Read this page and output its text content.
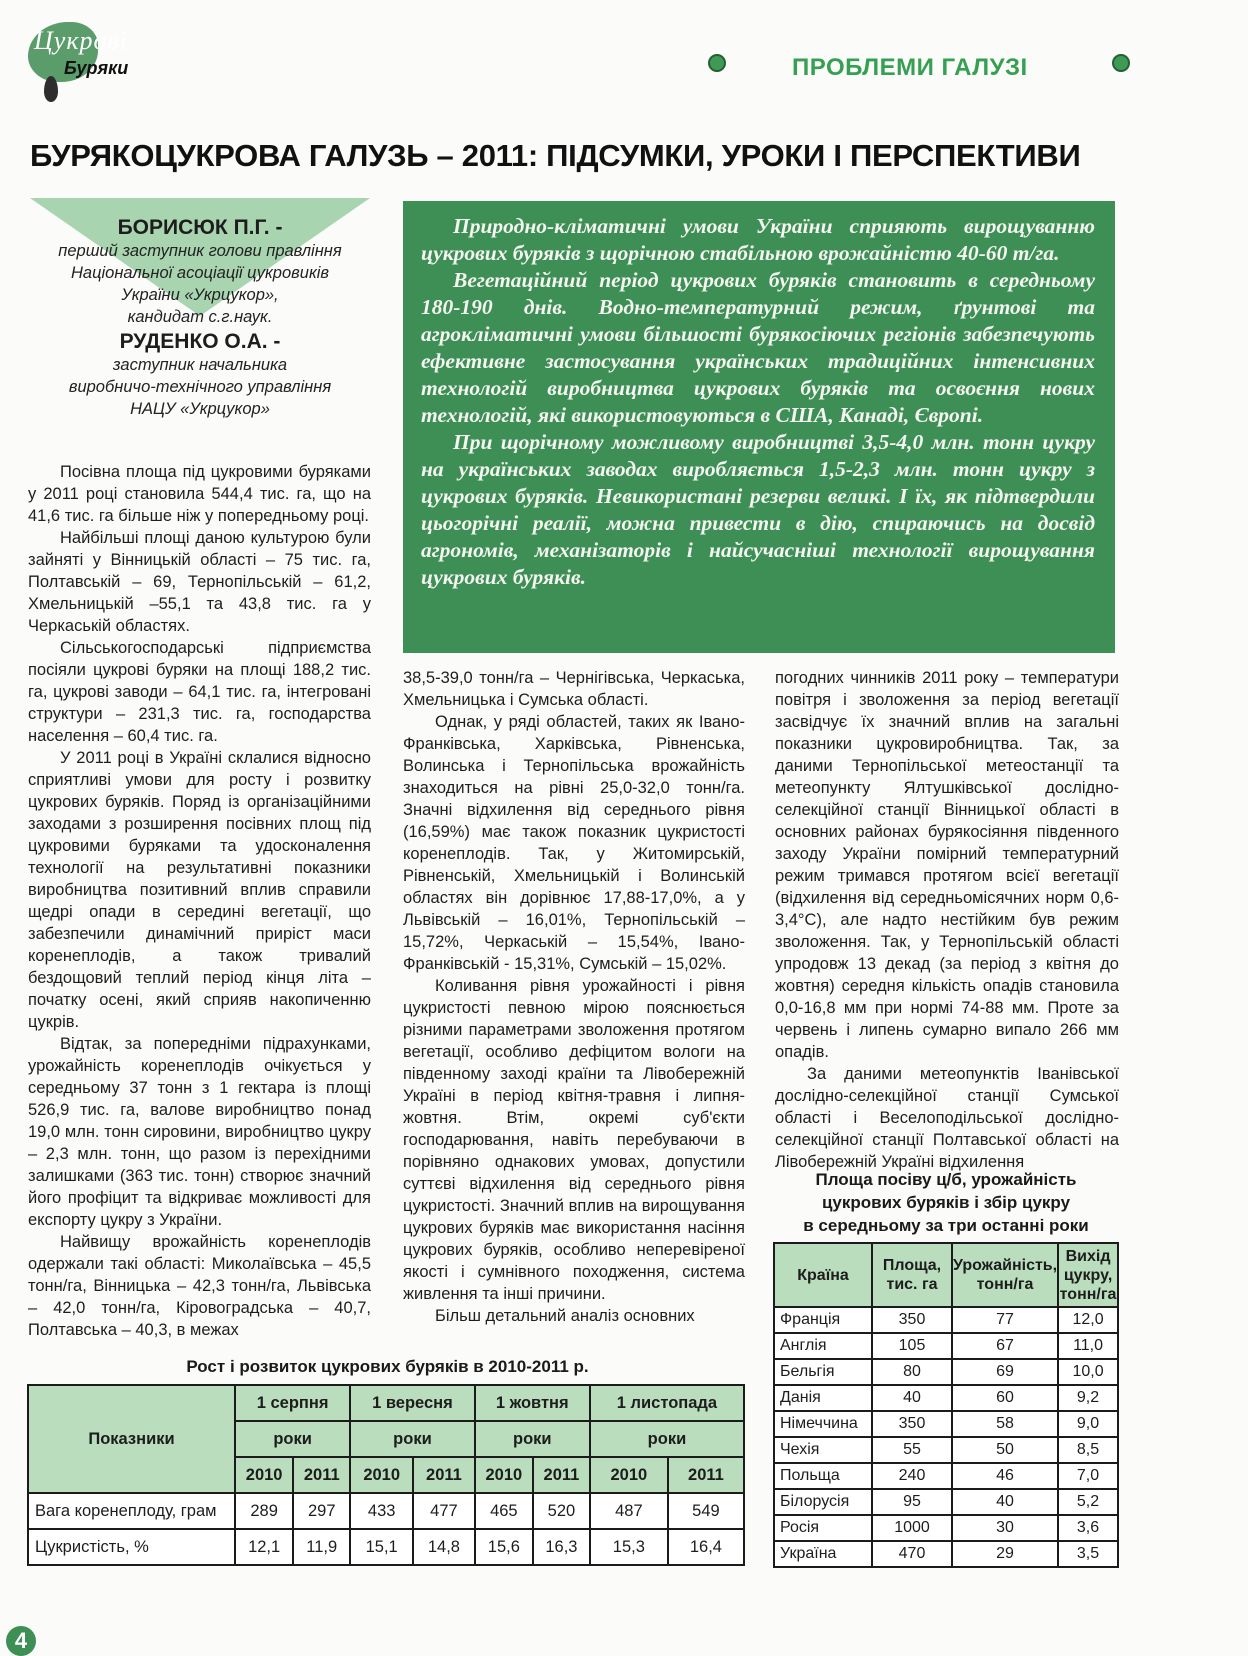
Цукрові
Буряки	ПРОБЛЕМИ ГАЛУЗІ
БУРЯКОЦУКРОВА ГАЛУЗЬ – 2011: ПІДСУМКИ, УРОКИ І ПЕРСПЕКТИВИ
БОРИСЮК П.Г. -
перший заступник голови правління
Національної асоціації цукровиків
України «Укрцукор»,
кандидат с.г.наук.
РУДЕНКО О.А. -
заступник начальника
виробничо-технічного управління
НАЦУ «Укрцукор»

Природно-кліматичні умови України сприяють вирощуванню цукрових буряків з щорічною стабільною врожайністю 40-60 т/га.

Вегетаційний період цукрових буряків становить в середньому 180-190 днів. Водно-температурний режим, ґрунтові та агрокліматичні умови більшості бурякосіючих регіонів забезпечують ефективне застосування українських традиційних інтенсивних технологій виробництва цукрових буряків та освоєння нових технологій, які використовуються в США, Канаді, Європі.

При щорічному можливому виробництві 3,5-4,0 млн. тонн цукру на українських заводах виробляється 1,5-2,3 млн. тонн цукру з цукрових буряків. Невикористані резерви великі. І їх, як підтвердили цьогорічні реалії, можна привести в дію, спираючись на досвід агрономів, механізаторів і найсучасніші технології вирощування цукрових буряків.

Посівна площа під цукровими буряками у 2011 році становила 544,4 тис. га, що на 41,6 тис. га більше ніж у попередньому році.

Найбільші площі даною культурою були зайняті у Вінницькій області – 75 тис. га, Полтавській – 69, Тернопільській – 61,2, Хмельницькій –55,1 та 43,8 тис. га у Черкаській областях.

Сільськогосподарські підприємства посіяли цукрові буряки на площі 188,2 тис. га, цукрові заводи – 64,1 тис. га, інтегровані структури – 231,3 тис. га, господарства населення – 60,4 тис. га.

У 2011 році в Україні склалися відносно сприятливі умови для росту і розвитку цукрових буряків. Поряд із організаційними заходами з розширення посівних площ під цукровими буряками та удосконалення технології на результативні показники виробництва позитивний вплив справили щедрі опади в середині вегетації, що забезпечили динамічний приріст маси коренеплодів, а також тривалий бездощовий теплий період кінця літа – початку осені, який сприяв накопиченню цукрів.

Відтак, за попередніми підрахунками, урожайність коренеплодів очікується у середньому 37 тонн з 1 гектара із площі 526,9 тис. га, валове виробництво понад 19,0 млн. тонн сировини, виробництво цукру – 2,3 млн. тонн, що разом із перехідними залишками (363 тис. тонн) створює значний його профіцит та відкриває можливості для експорту цукру з України.

Найвищу врожайність коренеплодів одержали такі області: Миколаївська – 45,5 тонн/га, Вінницька – 42,3 тонн/га, Львівська – 42,0 тонн/га, Кіровоградська – 40,7, Полтавська – 40,3, в межах

38,5-39,0 тонн/га – Чернігівська, Черкаська, Хмельницька і Сумська області.

Однак, у ряді областей, таких як Івано-Франківська, Харківська, Рівненська, Волинська і Тернопільська врожайність знаходиться на рівні 25,0-32,0 тонн/га. Значні відхилення від середнього рівня (16,59%) має також показник цукристості коренеплодів. Так, у Житомирській, Рівненській, Хмельницькій і Волинській областях він дорівнює 17,88-17,0%, а у Львівській – 16,01%, Тернопільській – 15,72%, Черкаській – 15,54%, Івано-Франківській - 15,31%, Сумській – 15,02%.

Коливання рівня урожайності і рівня цукристості певною мірою пояснюється різними параметрами зволоження протягом вегетації, особливо дефіцитом вологи на південному заході країни та Лівобережній Україні в період квітня-травня і липня-жовтня. Втім, окремі суб'єкти господарювання, навіть перебуваючи в порівняно однакових умовах, допустили суттєві відхилення від середнього рівня цукристості. Значний вплив на вирощування цукрових буряків має використання насіння цукрових буряків, особливо неперевіреної якості і сумнівного походження, система живлення та інші причини.

Більш детальний аналіз основних

погодних чинників 2011 року – температури повітря і зволоження за період вегетації засвідчує їх значний вплив на загальні показники цукровиробництва. Так, за даними Тернопільської метеостанції та метеопункту Ялтушківської дослідно-селекційної станції Вінницької області в основних районах бурякосіяння південного заходу України помірний температурний режим тримався протягом всієї вегетації (відхилення від середньомісячних норм 0,6-3,4°С), але надто нестійким був режим зволоження. Так, у Тернопільській області упродовж 13 декад (за період з квітня до жовтня) середня кількість опадів становила 0,0-16,8 мм при нормі 74-88 мм. Проте за червень і липень сумарно випало 266 мм опадів.

За даними метеопунктів Іванівської дослідно-селекційної станції Сумської області і Веселоподільської дослідно-селекційної станції Полтавської області на Лівобережній Україні відхилення

Рост і розвиток цукрових буряків в 2010-2011 р.
Показники	1 серпня		1 вересня		1 жовтня		1 листопада	
	роки		роки		роки		роки	
	2010	2011	2010	2011	2010	2011	2010	2011
Вага коренеплоду, грам	289	297	433	477	465	520	487	549
Цукристість, %	12,1	11,9	15,1	14,8	15,6	16,3	15,3	16,4
Площа посіву ц/б, урожайність
цукрових буряків і збір цукру
в середньому за три останні роки
Країна	Площа, тис. га	Урожайність, тонн/га	Вихід цукру, тонн/га
Франція	350	77	12,0
Англія	105	67	11,0
Бельгія	80	69	10,0
Данія	40	60	9,2
Німеччина	350	58	9,0
Чехія	55	50	8,5
Польща	240	46	7,0
Білорусія	95	40	5,2
Росія	1000	30	3,6
Україна	470	29	3,5
4
